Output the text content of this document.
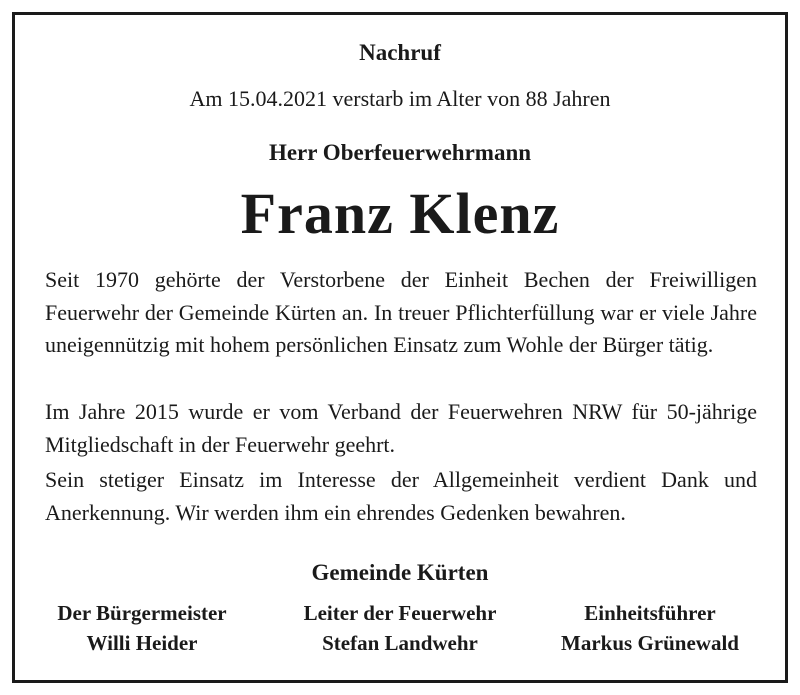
Nachruf

Am 15.04.2021 verstarb im Alter von 88 Jahren

Herr Oberfeuerwehrmann

Franz Klenz

Seit 1970 gehörte der Verstorbene der Einheit Bechen der Freiwilligen Feuerwehr der Gemeinde Kürten an. In treuer Pflichterfüllung war er viele Jahre uneigennützig mit hohem persönlichen Einsatz zum Wohle der Bürger tätig.

Im Jahre 2015 wurde er vom Verband der Feuerwehren NRW für 50-jährige Mitgliedschaft in der Feuerwehr geehrt.

Sein stetiger Einsatz im Interesse der Allgemeinheit verdient Dank und Anerkennung. Wir werden ihm ein ehrendes Gedenken bewahren.

Gemeinde Kürten

Der Bürgermeister
Willi Heider
Leiter der Feuerwehr
Stefan Landwehr
Einheitsführer
Markus Grünewald
